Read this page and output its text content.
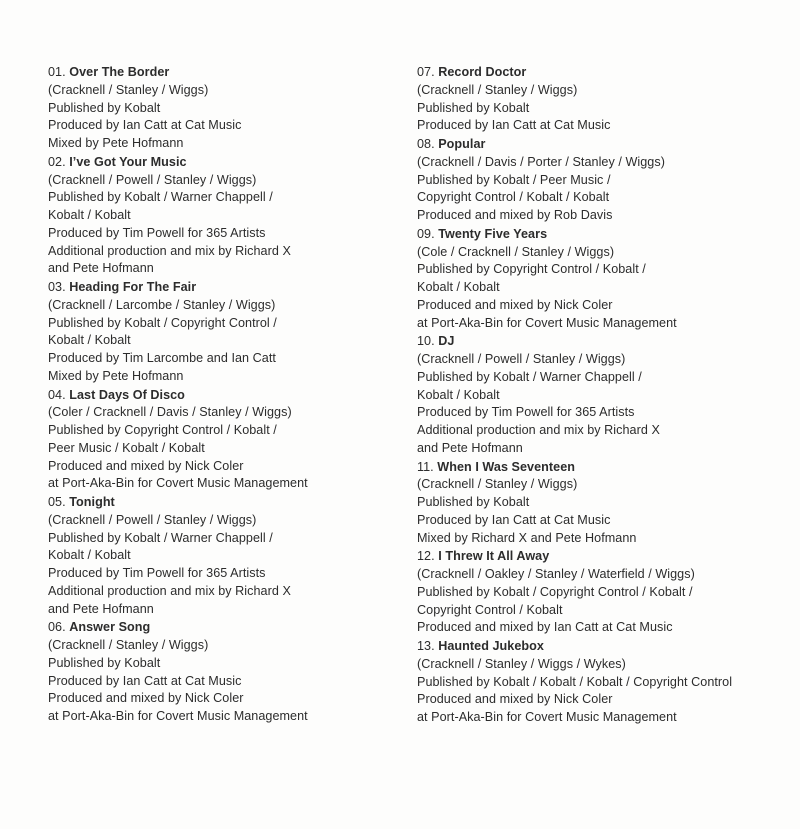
01. Over The Border
(Cracknell / Stanley / Wiggs)
Published by Kobalt
Produced by Ian Catt at Cat Music
Mixed by Pete Hofmann
02. I’ve Got Your Music
(Cracknell / Powell / Stanley / Wiggs)
Published by Kobalt / Warner Chappell /
Kobalt / Kobalt
Produced by Tim Powell for 365 Artists
Additional production and mix by Richard X
and Pete Hofmann
03. Heading For The Fair
(Cracknell / Larcombe / Stanley / Wiggs)
Published by Kobalt / Copyright Control /
Kobalt / Kobalt
Produced by Tim Larcombe and Ian Catt
Mixed by Pete Hofmann
04. Last Days Of Disco
(Coler / Cracknell / Davis / Stanley / Wiggs)
Published by Copyright Control / Kobalt /
Peer Music / Kobalt / Kobalt
Produced and mixed by Nick Coler
at Port-Aka-Bin for Covert Music Management
05. Tonight
(Cracknell / Powell / Stanley / Wiggs)
Published by Kobalt / Warner Chappell /
Kobalt / Kobalt
Produced by Tim Powell for 365 Artists
Additional production and mix by Richard X
and Pete Hofmann
06. Answer Song
(Cracknell / Stanley / Wiggs)
Published by Kobalt
Produced by Ian Catt at Cat Music
Produced and mixed by Nick Coler
at Port-Aka-Bin for Covert Music Management
07. Record Doctor
(Cracknell / Stanley / Wiggs)
Published by Kobalt
Produced by Ian Catt at Cat Music
08. Popular
(Cracknell / Davis / Porter / Stanley / Wiggs)
Published by Kobalt / Peer Music /
Copyright Control / Kobalt / Kobalt
Produced and mixed by Rob Davis
09. Twenty Five Years
(Cole / Cracknell / Stanley / Wiggs)
Published by Copyright Control / Kobalt /
Kobalt / Kobalt
Produced and mixed by Nick Coler
at Port-Aka-Bin for Covert Music Management
10. DJ
(Cracknell / Powell / Stanley / Wiggs)
Published by Kobalt / Warner Chappell /
Kobalt / Kobalt
Produced by Tim Powell for 365 Artists
Additional production and mix by Richard X
and Pete Hofmann
11. When I Was Seventeen
(Cracknell / Stanley / Wiggs)
Published by Kobalt
Produced by Ian Catt at Cat Music
Mixed by Richard X and Pete Hofmann
12. I Threw It All Away
(Cracknell / Oakley / Stanley / Waterfield / Wiggs)
Published by Kobalt / Copyright Control / Kobalt /
Copyright Control / Kobalt
Produced and mixed by Ian Catt at Cat Music
13. Haunted Jukebox
(Cracknell / Stanley / Wiggs / Wykes)
Published by Kobalt / Kobalt / Kobalt / Copyright Control
Produced and mixed by Nick Coler
at Port-Aka-Bin for Covert Music Management
